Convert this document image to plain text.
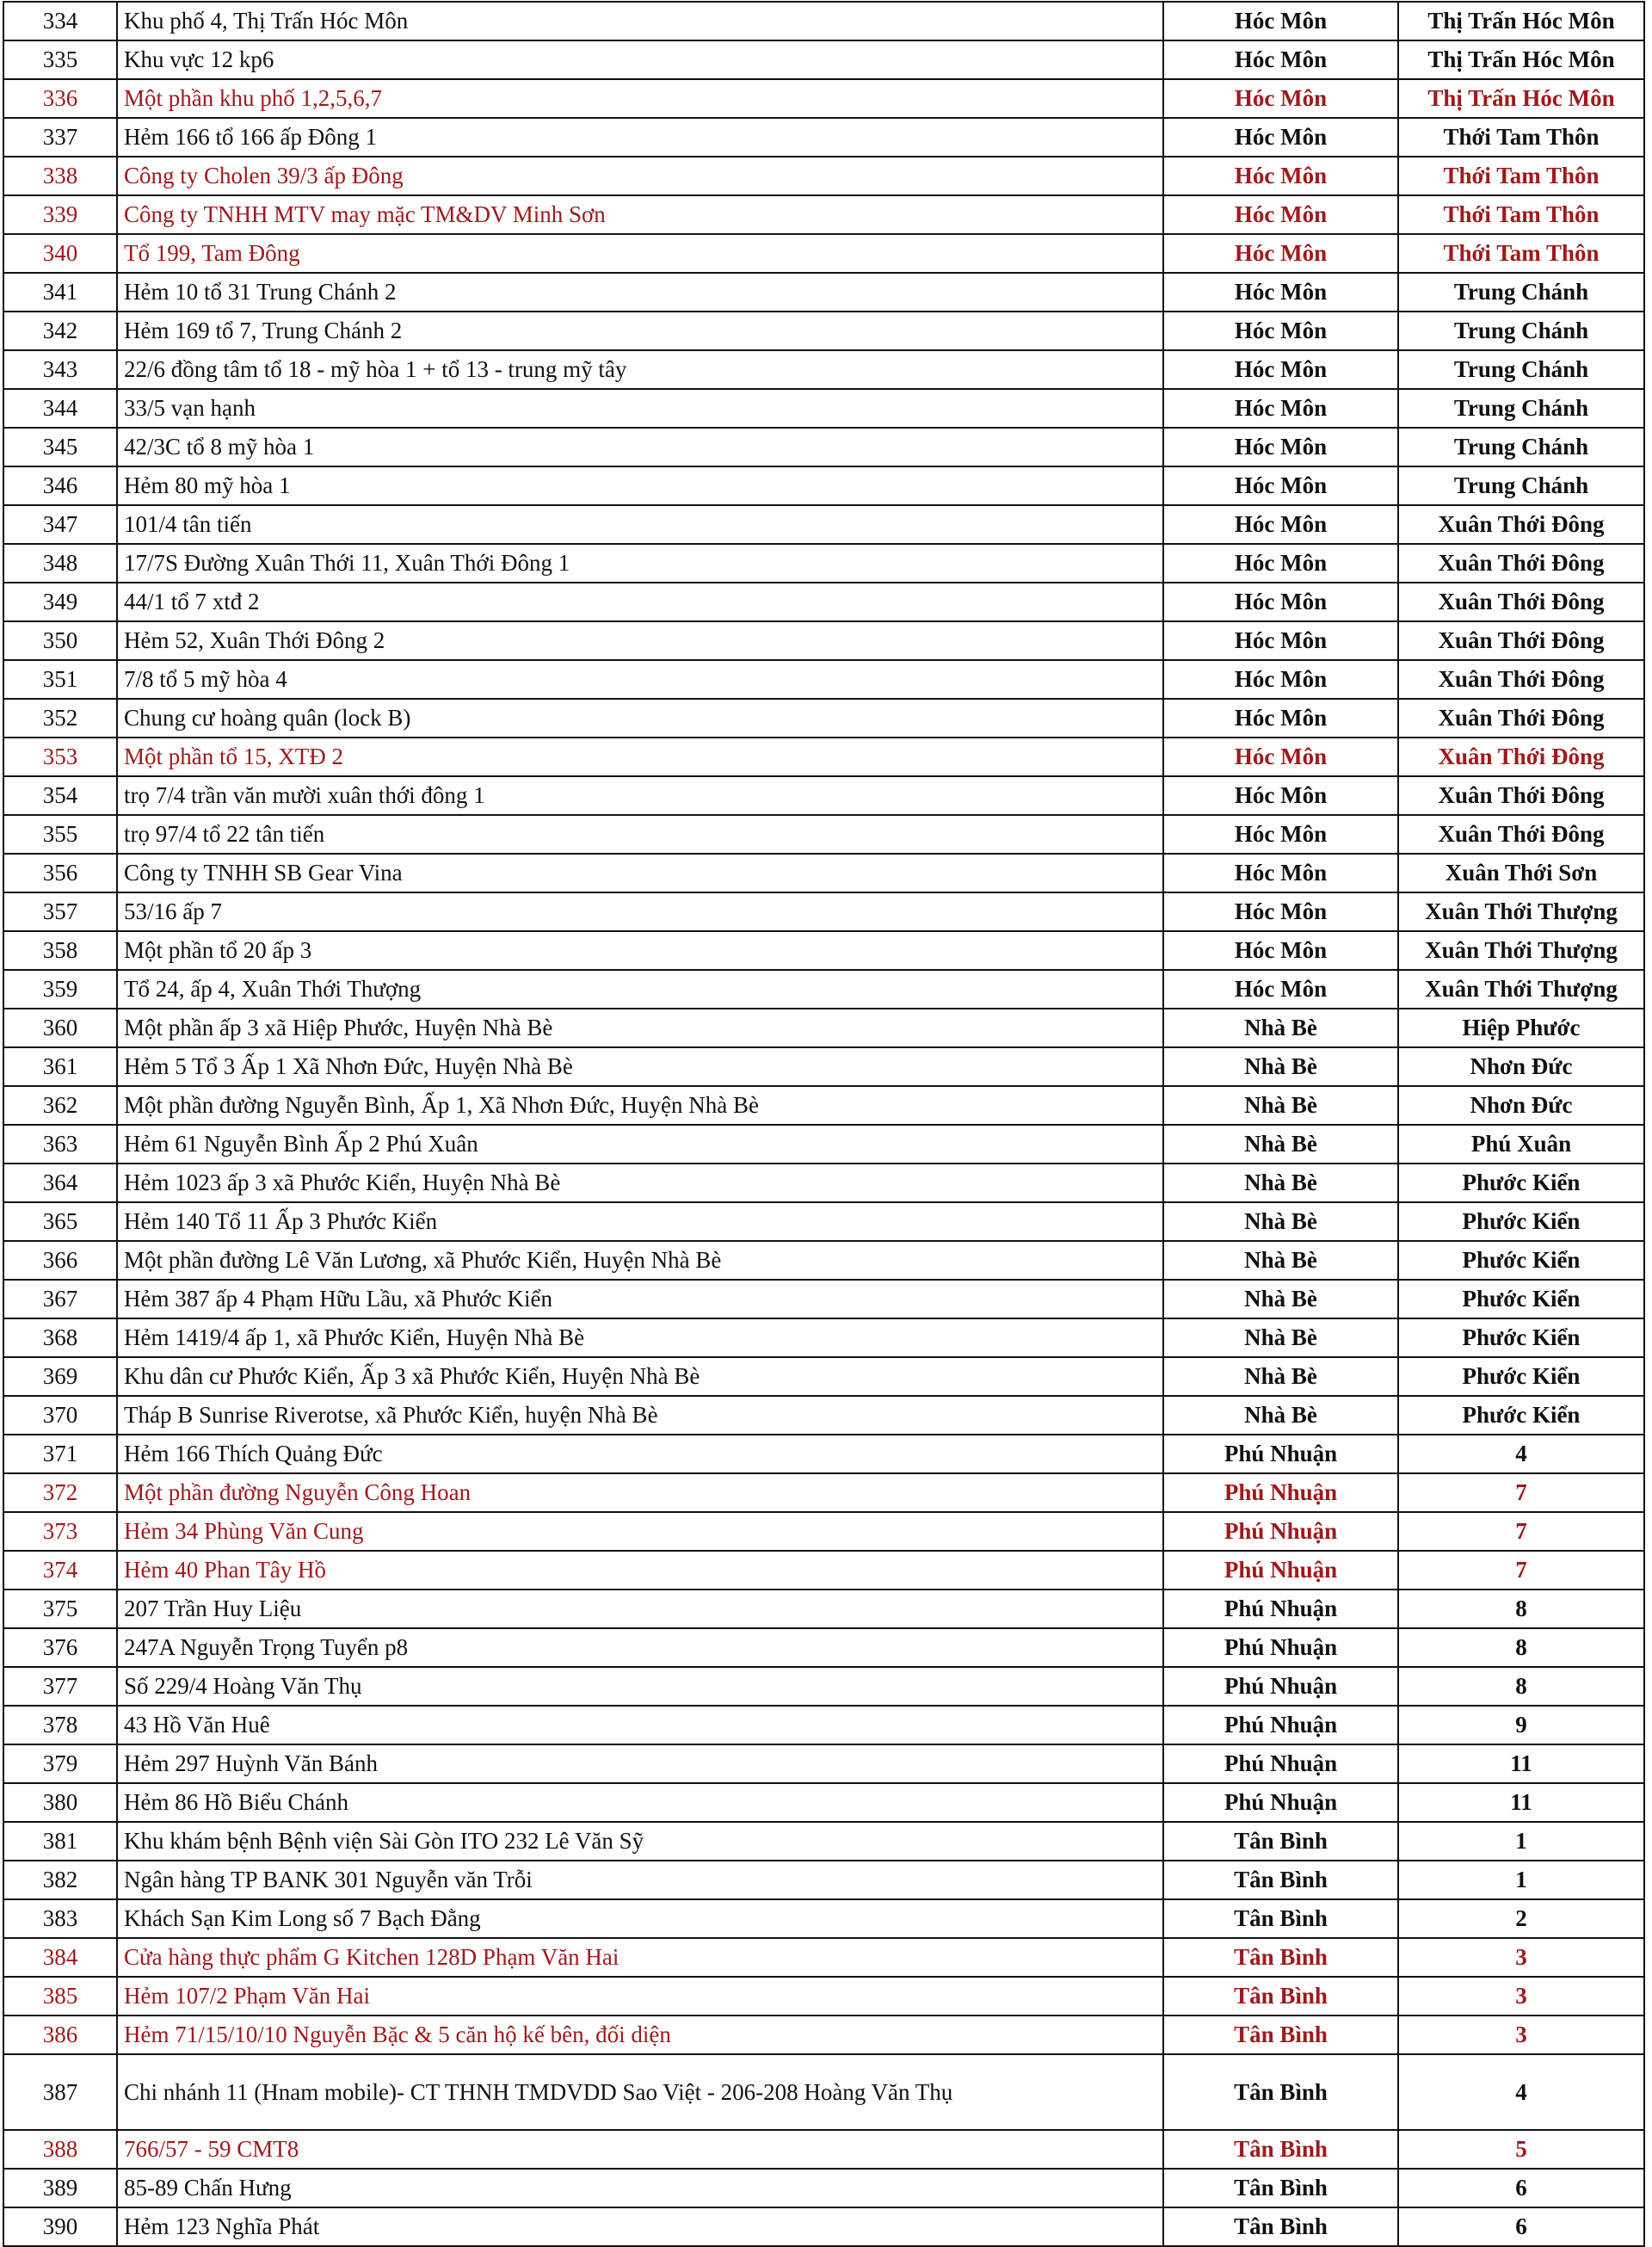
334	Khu phố 4, Thị Trấn Hóc Môn	Hóc Môn	Thị Trấn Hóc Môn
335	Khu vực 12 kp6	Hóc Môn	Thị Trấn Hóc Môn
336	Một phần khu phố 1,2,5,6,7	Hóc Môn	Thị Trấn Hóc Môn
337	Hẻm 166 tổ 166 ấp Đông 1	Hóc Môn	Thới Tam Thôn
338	Công ty Cholen 39/3 ấp Đông	Hóc Môn	Thới Tam Thôn
339	Công ty TNHH MTV may mặc TM&DV Minh Sơn	Hóc Môn	Thới Tam Thôn
340	Tổ 199, Tam Đông	Hóc Môn	Thới Tam Thôn
341	Hẻm 10 tổ 31 Trung Chánh 2	Hóc Môn	Trung Chánh
342	Hẻm 169 tổ 7, Trung Chánh 2	Hóc Môn	Trung Chánh
343	22/6 đồng tâm tổ 18 - mỹ hòa 1 + tổ 13 - trung mỹ tây	Hóc Môn	Trung Chánh
344	33/5 vạn hạnh	Hóc Môn	Trung Chánh
345	42/3C tổ 8 mỹ hòa 1	Hóc Môn	Trung Chánh
346	Hẻm 80 mỹ hòa 1	Hóc Môn	Trung Chánh
347	101/4 tân tiến	Hóc Môn	Xuân Thới Đông
348	17/7S Đường Xuân Thới 11, Xuân Thới Đông 1	Hóc Môn	Xuân Thới Đông
349	44/1 tổ 7 xtđ 2	Hóc Môn	Xuân Thới Đông
350	Hẻm 52, Xuân Thới Đông 2	Hóc Môn	Xuân Thới Đông
351	7/8 tổ 5 mỹ hòa 4	Hóc Môn	Xuân Thới Đông
352	Chung cư hoàng quân (lock B)	Hóc Môn	Xuân Thới Đông
353	Một phần tổ 15, XTĐ 2	Hóc Môn	Xuân Thới Đông
354	trọ 7/4 trần văn mười xuân thới đông 1	Hóc Môn	Xuân Thới Đông
355	trọ 97/4 tổ 22 tân tiến	Hóc Môn	Xuân Thới Đông
356	Công ty TNHH SB Gear Vina	Hóc Môn	Xuân Thới Sơn
357	53/16 ấp 7	Hóc Môn	Xuân Thới Thượng
358	Một phần tổ 20 ấp 3	Hóc Môn	Xuân Thới Thượng
359	Tổ 24, ấp 4, Xuân Thới Thượng	Hóc Môn	Xuân Thới Thượng
360	Một phần ấp 3 xã Hiệp Phước, Huyện Nhà Bè	Nhà Bè	Hiệp Phước
361	Hẻm 5 Tổ 3 Ấp 1 Xã Nhơn Đức, Huyện Nhà Bè	Nhà Bè	Nhơn Đức
362	Một phần đường Nguyễn Bình, Ấp 1, Xã Nhơn Đức, Huyện Nhà Bè	Nhà Bè	Nhơn Đức
363	Hẻm 61 Nguyễn Bình Ấp 2 Phú Xuân	Nhà Bè	Phú Xuân
364	Hẻm 1023 ấp 3 xã Phước Kiển, Huyện Nhà Bè	Nhà Bè	Phước Kiển
365	Hẻm 140 Tổ 11 Ấp 3 Phước Kiển	Nhà Bè	Phước Kiển
366	Một phần đường Lê Văn Lương, xã Phước Kiển, Huyện Nhà Bè	Nhà Bè	Phước Kiển
367	Hẻm 387 ấp 4 Phạm Hữu Lầu, xã Phước Kiển	Nhà Bè	Phước Kiển
368	Hẻm 1419/4 ấp 1, xã Phước Kiển, Huyện Nhà Bè	Nhà Bè	Phước Kiển
369	Khu dân cư Phước Kiển, Ấp 3 xã Phước Kiển, Huyện Nhà Bè	Nhà Bè	Phước Kiển
370	Tháp B Sunrise Riverotse, xã Phước Kiển, huyện Nhà Bè	Nhà Bè	Phước Kiển
371	Hẻm 166 Thích Quảng Đức	Phú Nhuận	4
372	Một phần đường Nguyễn Công Hoan	Phú Nhuận	7
373	Hẻm 34 Phùng Văn Cung	Phú Nhuận	7
374	Hẻm 40 Phan Tây Hồ	Phú Nhuận	7
375	207 Trần Huy Liệu	Phú Nhuận	8
376	247A Nguyễn Trọng Tuyển p8	Phú Nhuận	8
377	Số 229/4 Hoàng Văn Thụ	Phú Nhuận	8
378	43 Hồ Văn Huê	Phú Nhuận	9
379	Hẻm 297 Huỳnh Văn Bánh	Phú Nhuận	11
380	Hẻm 86 Hồ Biểu Chánh	Phú Nhuận	11
381	Khu khám bệnh Bệnh viện Sài Gòn ITO 232 Lê Văn Sỹ	Tân Bình	1
382	Ngân hàng TP BANK 301 Nguyễn văn Trỗi	Tân Bình	1
383	Khách Sạn Kim Long số 7 Bạch Đằng	Tân Bình	2
384	Cửa hàng thực phẩm G Kitchen 128D Phạm Văn Hai	Tân Bình	3
385	Hẻm 107/2 Phạm Văn Hai	Tân Bình	3
386	Hẻm 71/15/10/10 Nguyễn Bặc & 5 căn hộ kế bên, đối diện	Tân Bình	3
387	Chi nhánh 11 (Hnam mobile)- CT THNH TMDVDD Sao Việt - 206-208 Hoàng Văn Thụ	Tân Bình	4
388	766/57 - 59 CMT8	Tân Bình	5
389	85-89 Chấn Hưng	Tân Bình	6
390	Hẻm 123 Nghĩa Phát	Tân Bình	6
